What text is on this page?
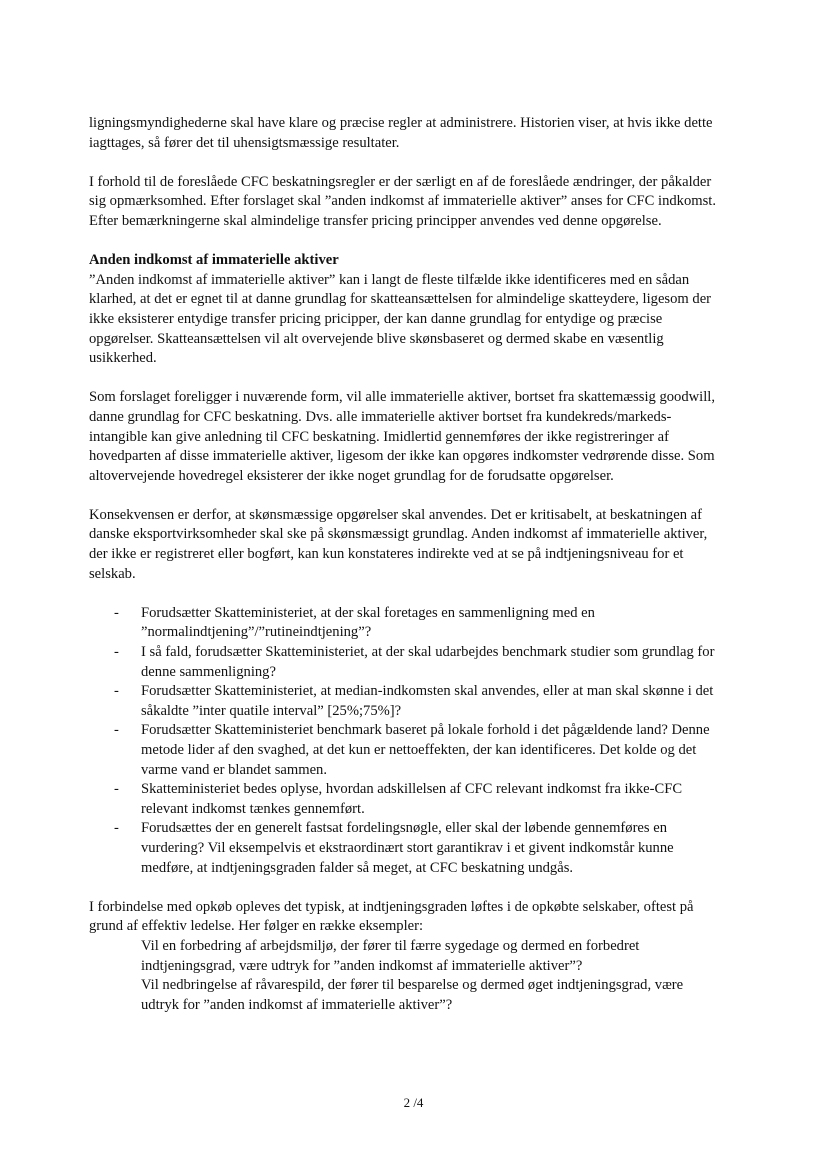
ligningsmyndighederne skal have klare og præcise regler at administrere. Historien viser, at hvis ikke dette iagttages, så fører det til uhensigtsmæssige resultater.

I forhold til de foreslåede CFC beskatningsregler er der særligt en af de foreslåede ændringer, der påkalder sig opmærksomhed. Efter forslaget skal ”anden indkomst af immaterielle aktiver” anses for CFC indkomst. Efter bemærkningerne skal almindelige transfer pricing principper anvendes ved denne opgørelse.

Anden indkomst af immaterielle aktiver
”Anden indkomst af immaterielle aktiver” kan i langt de fleste tilfælde ikke identificeres med en sådan klarhed, at det er egnet til at danne grundlag for skatteansættelsen for almindelige skatteydere, ligesom der ikke eksisterer entydige transfer pricing pricipper, der kan danne grundlag for entydige og præcise opgørelser. Skatteansættelsen vil alt overvejende blive skønsbaseret og dermed skabe en væsentlig usikkerhed.

Som forslaget foreligger i nuværende form, vil alle immaterielle aktiver, bortset fra skattemæssig goodwill, danne grundlag for CFC beskatning. Dvs. alle immaterielle aktiver bortset fra kundekreds/markeds-intangible kan give anledning til CFC beskatning. Imidlertid gennemføres der ikke registreringer af hovedparten af disse immaterielle aktiver, ligesom der ikke kan opgøres indkomster vedrørende disse. Som altovervejende hovedregel eksisterer der ikke noget grundlag for de forudsatte opgørelser.

Konsekvensen er derfor, at skønsmæssige opgørelser skal anvendes. Det er kritisabelt, at beskatningen af danske eksportvirksomheder skal ske på skønsmæssigt grundlag. Anden indkomst af immaterielle aktiver, der ikke er registreret eller bogført, kan kun konstateres indirekte ved at se på indtjeningsniveau for et selskab.

- Forudsætter Skatteministeriet, at der skal foretages en sammenligning med en ”normalindtjening”/”rutineindtjening”?
- I så fald, forudsætter Skatteministeriet, at der skal udarbejdes benchmark studier som grundlag for denne sammenligning?
- Forudsætter Skatteministeriet, at median-indkomsten skal anvendes, eller at man skal skønne i det såkaldte ”inter quatile interval” [25%;75%]?
- Forudsætter Skatteministeriet benchmark baseret på lokale forhold i det pågældende land? Denne metode lider af den svaghed, at det kun er nettoeffekten, der kan identificeres. Det kolde og det varme vand er blandet sammen.
- Skatteministeriet bedes oplyse, hvordan adskillelsen af CFC relevant indkomst fra ikke-CFC relevant indkomst tænkes gennemført.
- Forudsættes der en generelt fastsat fordelingsnøgle, eller skal der løbende gennemføres en vurdering? Vil eksempelvis et ekstraordinært stort garantikrav i et givent indkomstår kunne medføre, at indtjeningsgraden falder så meget, at CFC beskatning undgås.

I forbindelse med opkøb opleves det typisk, at indtjeningsgraden løftes i de opkøbte selskaber, oftest på grund af effektiv ledelse. Her følger en række eksempler:

Vil en forbedring af arbejdsmiljø, der fører til færre sygedage og dermed en forbedret indtjeningsgrad, være udtryk for ”anden indkomst af immaterielle aktiver”?

Vil nedbringelse af råvarespild, der fører til besparelse og dermed øget indtjeningsgrad, være udtryk for ”anden indkomst af immaterielle aktiver”?

2 /4
